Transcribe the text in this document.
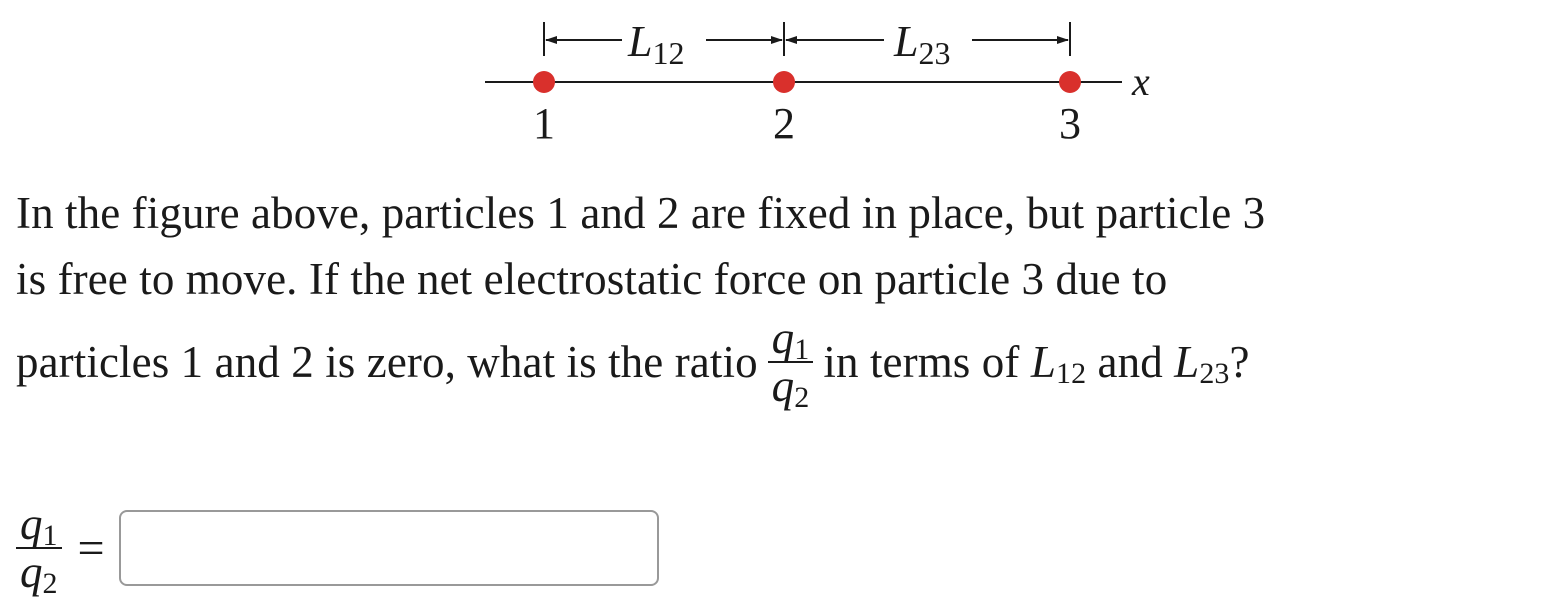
x
L12	L23
1	2	3
In the figure above, particles 1 and 2 are fixed in place, but particle 3
is free to move. If the net electrostatic force on particle 3 due to
particles 1 and 2 is zero, what is the ratio $\frac{q_1}{q_2}$ in terms of
$L_{12}$
and
$L_{23}$ ?
$\frac{q_1}{q_2}$ =
